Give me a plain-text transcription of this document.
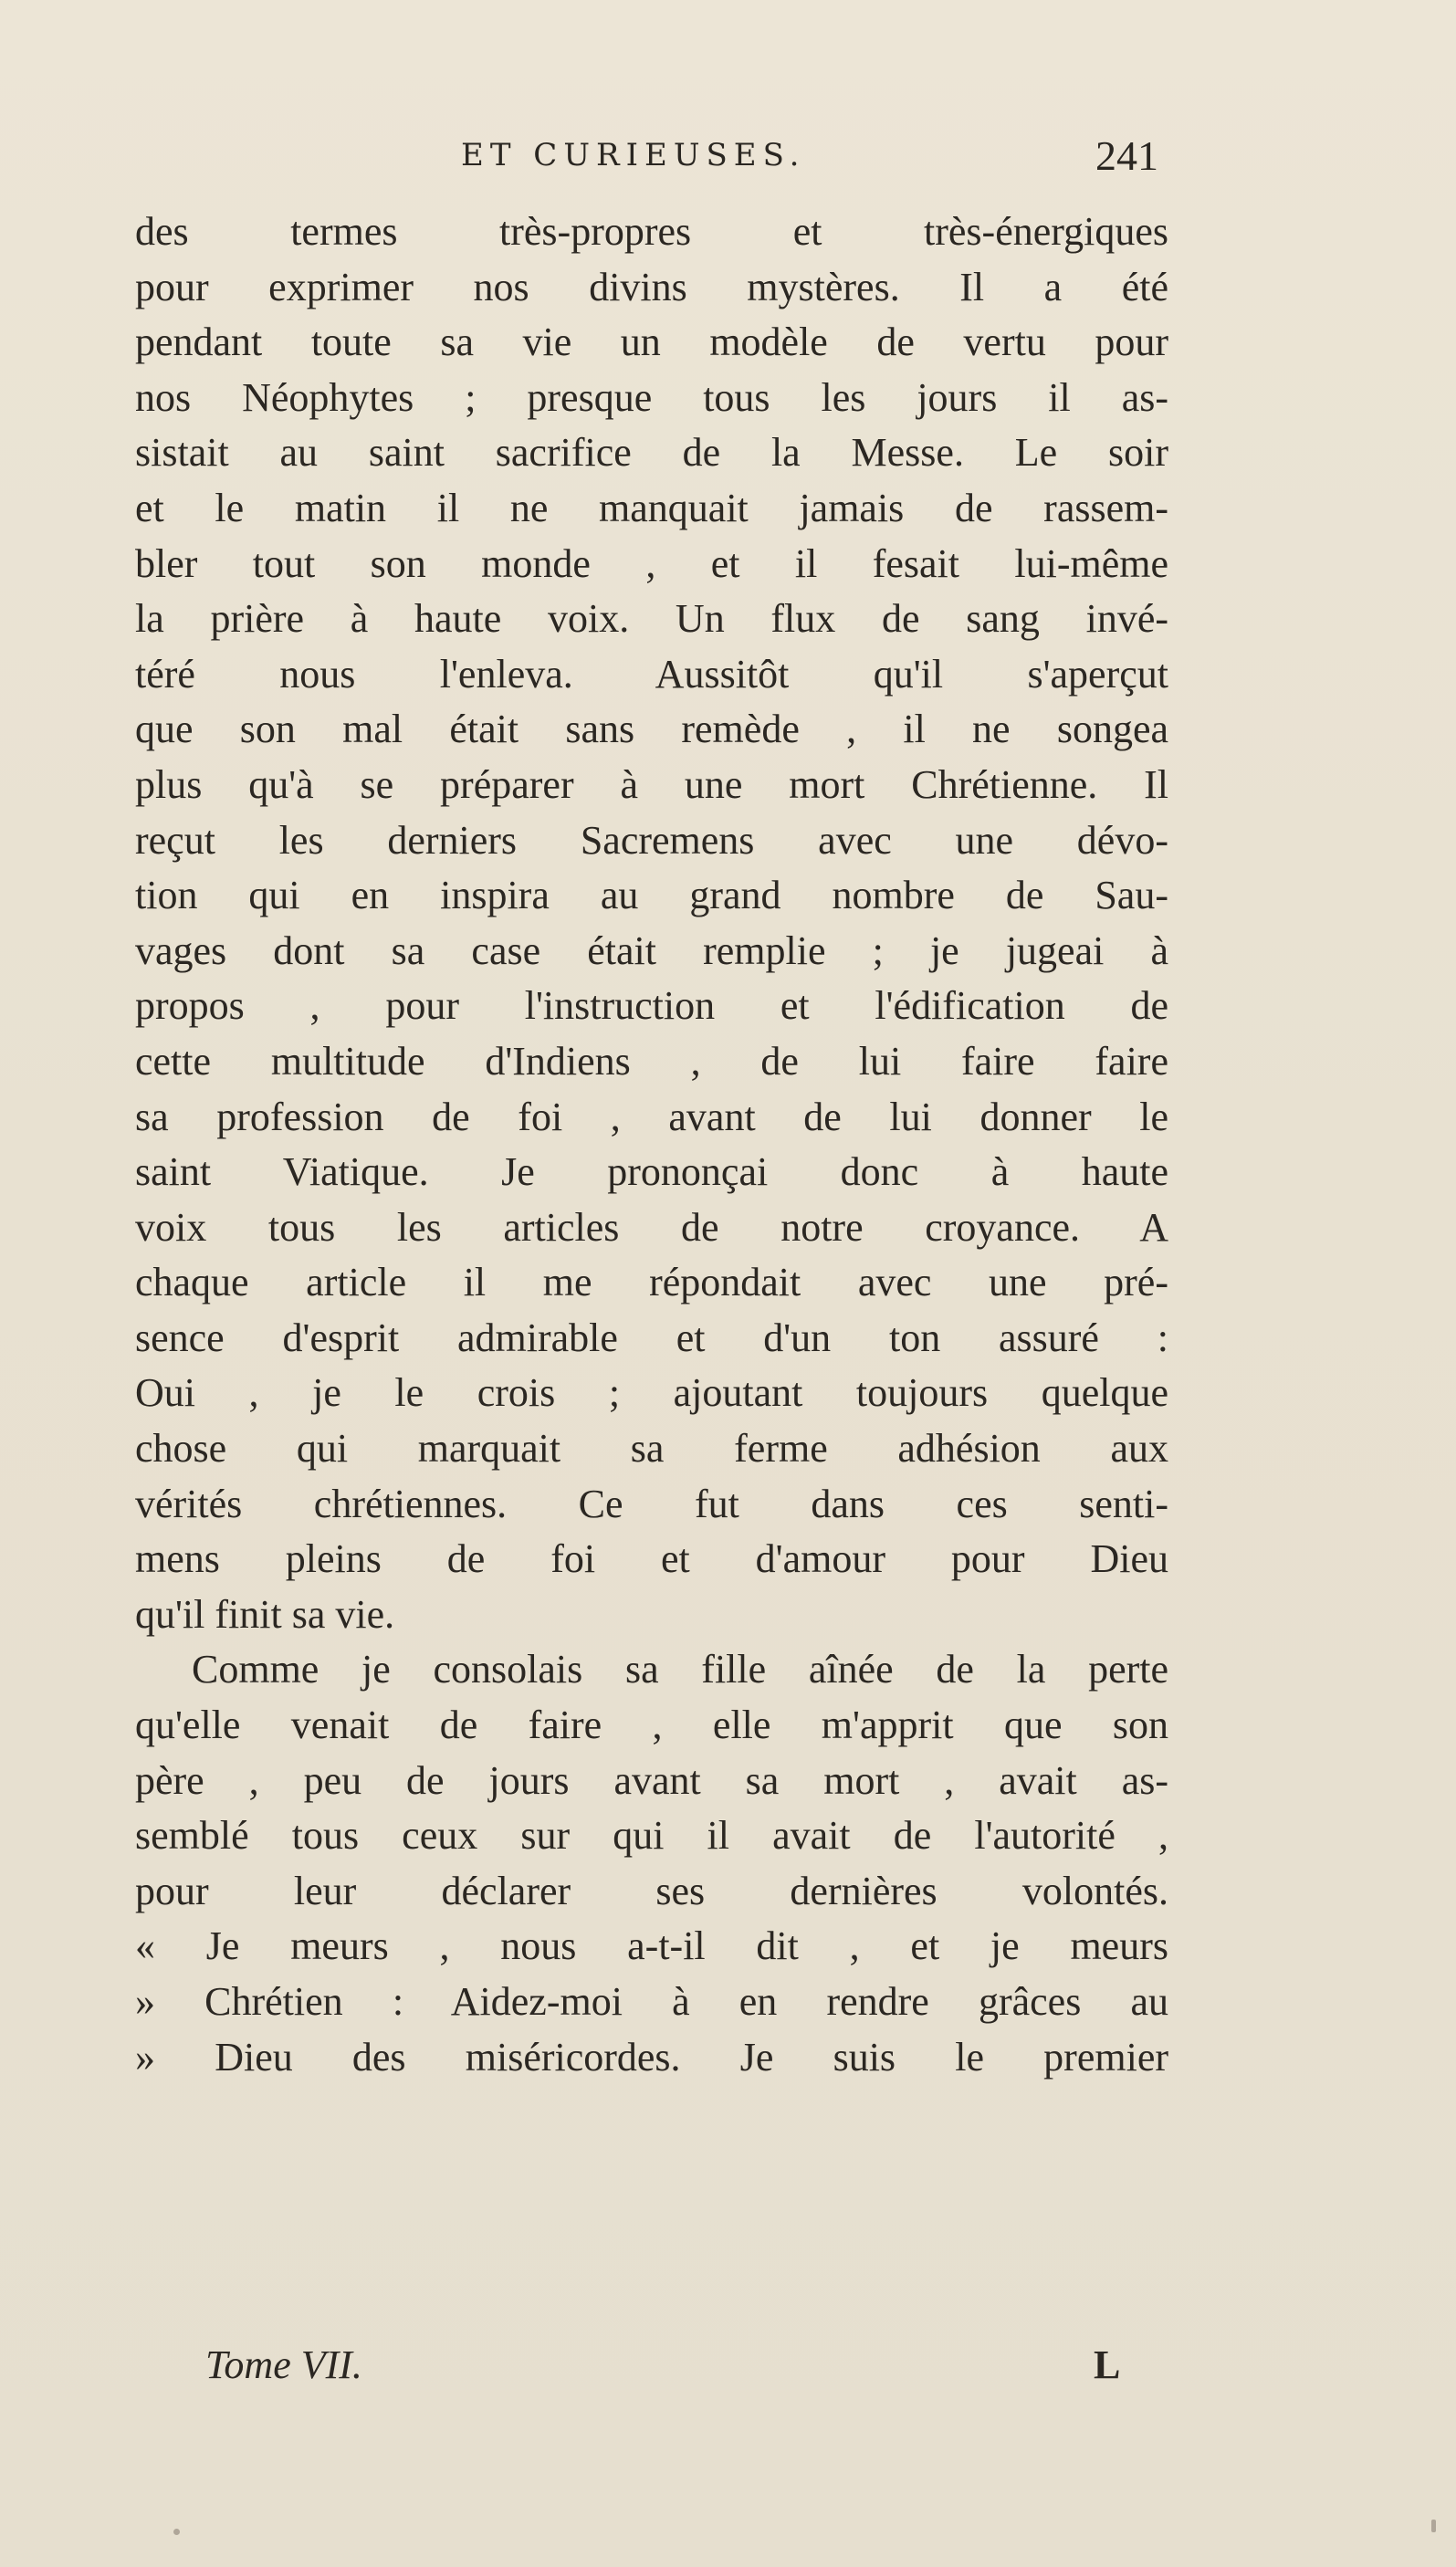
ET CURIEUSES.	241
des termes très-propres et très-énergiques
pour exprimer nos divins mystères. Il a été
pendant toute sa vie un modèle de vertu pour
nos Néophytes ; presque tous les jours il as-
sistait au saint sacrifice de la Messe. Le soir
et le matin il ne manquait jamais de rassem-
bler tout son monde , et il fesait lui-même
la prière à haute voix. Un flux de sang invé-
téré nous l'enleva. Aussitôt qu'il s'aperçut
que son mal était sans remède , il ne songea
plus qu'à se préparer à une mort Chrétienne. Il
reçut les derniers Sacremens avec une dévo-
tion qui en inspira au grand nombre de Sau-
vages dont sa case était remplie ; je jugeai à
propos , pour l'instruction et l'édification de
cette multitude d'Indiens , de lui faire faire
sa profession de foi , avant de lui donner le
saint Viatique. Je prononçai donc à haute
voix tous les articles de notre croyance. A
chaque article il me répondait avec une pré-
sence d'esprit admirable et d'un ton assuré :
Oui , je le crois ; ajoutant toujours quelque
chose qui marquait sa ferme adhésion aux
vérités chrétiennes. Ce fut dans ces senti-
mens pleins de foi et d'amour pour Dieu
qu'il finit sa vie.
Comme je consolais sa fille aînée de la perte
qu'elle venait de faire , elle m'apprit que son
père , peu de jours avant sa mort , avait as-
semblé tous ceux sur qui il avait de l'autorité ,
pour leur déclarer ses dernières volontés.
« Je meurs , nous a-t-il dit , et je meurs
» Chrétien : Aidez-moi à en rendre grâces au
» Dieu des miséricordes. Je suis le premier
Tome VII.	L
